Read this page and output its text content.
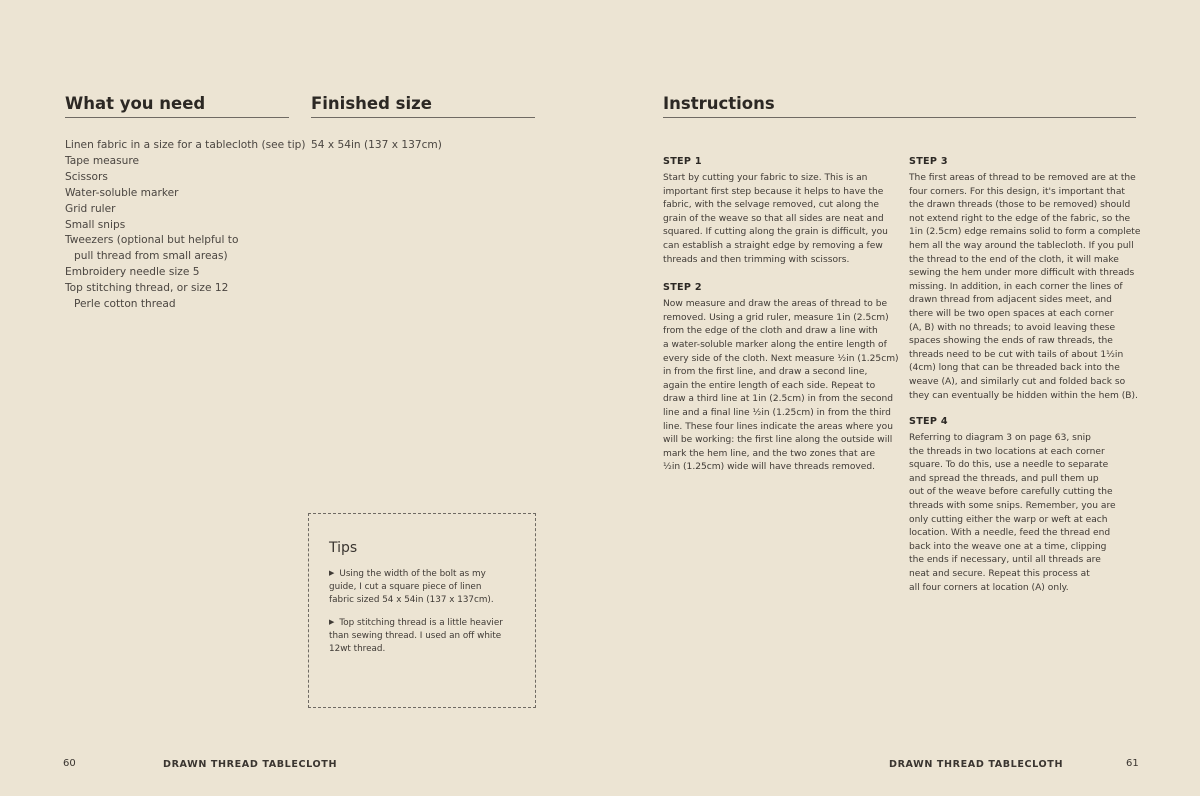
What you need	Finished size
Linen fabric in a size for a tablecloth (see tip)
Tape measure
Scissors
Water-soluble marker
Grid ruler
Small snips
Tweezers (optional but helpful to
pull thread from small areas)
Embroidery needle size 5
Top stitching thread, or size 12
Perle cotton thread
54 x 54in (137 x 137cm)
Tips
▶ Using the width of the bolt as my
guide, I cut a square piece of linen
fabric sized 54 x 54in (137 x 137cm).
▶ Top stitching thread is a little heavier
than sewing thread. I used an off white
12wt thread.
60	DRAWN THREAD TABLECLOTH
Instructions
STEP 1
Start by cutting your fabric to size. This is an
important first step because it helps to have the
fabric, with the selvage removed, cut along the
grain of the weave so that all sides are neat and
squared. If cutting along the grain is difficult, you
can establish a straight edge by removing a few
threads and then trimming with scissors.
STEP 2
Now measure and draw the areas of thread to be
removed. Using a grid ruler, measure 1in (2.5cm)
from the edge of the cloth and draw a line with
a water-soluble marker along the entire length of
every side of the cloth. Next measure ½in (1.25cm)
in from the first line, and draw a second line,
again the entire length of each side. Repeat to
draw a third line at 1in (2.5cm) in from the second
line and a final line ½in (1.25cm) in from the third
line. These four lines indicate the areas where you
will be working: the first line along the outside will
mark the hem line, and the two zones that are
½in (1.25cm) wide will have threads removed.
STEP 3
The first areas of thread to be removed are at the
four corners. For this design, it's important that
the drawn threads (those to be removed) should
not extend right to the edge of the fabric, so the
1in (2.5cm) edge remains solid to form a complete
hem all the way around the tablecloth. If you pull
the thread to the end of the cloth, it will make
sewing the hem under more difficult with threads
missing. In addition, in each corner the lines of
drawn thread from adjacent sides meet, and
there will be two open spaces at each corner
(A, B) with no threads; to avoid leaving these
spaces showing the ends of raw threads, the
threads need to be cut with tails of about 1½in
(4cm) long that can be threaded back into the
weave (A), and similarly cut and folded back so
they can eventually be hidden within the hem (B).
STEP 4
Referring to diagram 3 on page 63, snip
the threads in two locations at each corner
square. To do this, use a needle to separate
and spread the threads, and pull them up
out of the weave before carefully cutting the
threads with some snips. Remember, you are
only cutting either the warp or weft at each
location. With a needle, feed the thread end
back into the weave one at a time, clipping
the ends if necessary, until all threads are
neat and secure. Repeat this process at
all four corners at location (A) only.
DRAWN THREAD TABLECLOTH	61
